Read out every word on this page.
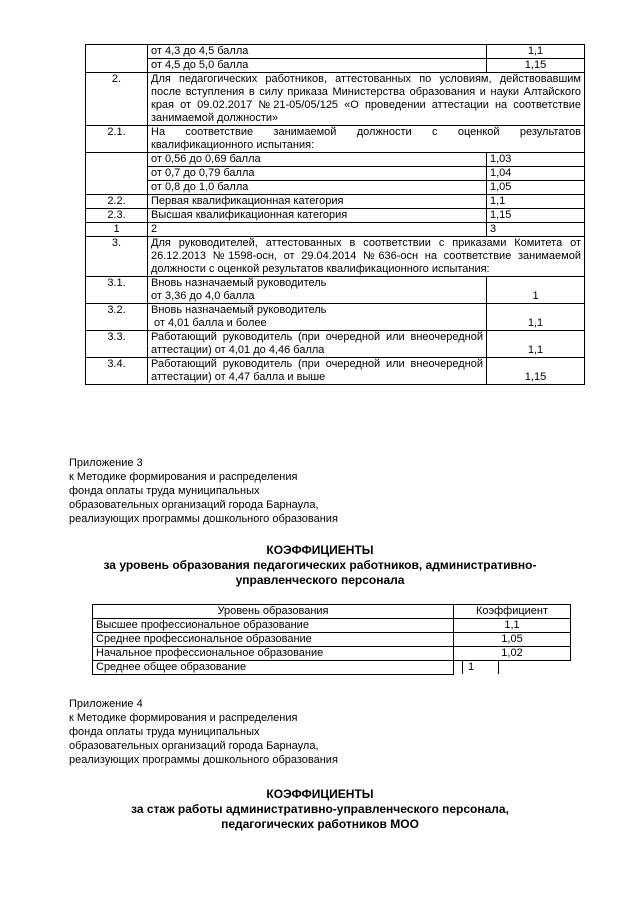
	от 4,3 до 4,5 балла	1,1
	от 4,5 до 5,0 балла	1,15
2.	Для педагогических работников, аттестованных по условиям, действовавшим после вступления в силу приказа Министерства образования и науки Алтайского края от 09.02.2017 №21-05/05/125 «О проведении аттестации на соответствие занимаемой должности»	
2.1.	На соответствие занимаемой должности с оценкой результатов квалификационного испытания:	
	от 0,56 до 0,69 балла	1,03
	от 0,7 до 0,79 балла	1,04
	от 0,8 до 1,0 балла	1,05
2.2.	Первая квалификационная категория	1,1
2.3.	Высшая квалификационная категория	1,15
1	2	3
3.	Для руководителей, аттестованных в соответствии с приказами Комитета от 26.12.2013 №1598-осн, от 29.04.2014 №636-осн на соответствие занимаемой должности с оценкой результатов квалификационного испытания:	
3.1.	Вновь назначаемый руководитель
от 3,36 до 4,0 балла	1
3.2.	Вновь назначаемый руководитель
от 4,01 балла и более	1,1
3.3.	Работающий руководитель (при очередной или внеочередной аттестации) от 4,01 до 4,46 балла	1,1
3.4.	Работающий руководитель (при очередной или внеочередной аттестации) от 4,47 балла и выше	1,15
Приложение 3
к Методике формирования и распределения
фонда оплаты труда муниципальных
образовательных организаций города Барнаула,
реализующих программы дошкольного образования
КОЭФФИЦИЕНТЫ
за уровень образования педагогических работников, административно-
управленческого персонала
Уровень образования	Коэффициент
Высшее профессиональное образование	1,1
Среднее профессиональное образование	1,05
Начальное профессиональное образование	1,02
Среднее общее образование 1	

Приложение 4
к Методике формирования и распределения
фонда оплаты труда муниципальных
образовательных организаций города Барнаула,
реализующих программы дошкольного образования
КОЭФФИЦИЕНТЫ
за стаж работы административно-управленческого персонала,
педагогических работников МОО
